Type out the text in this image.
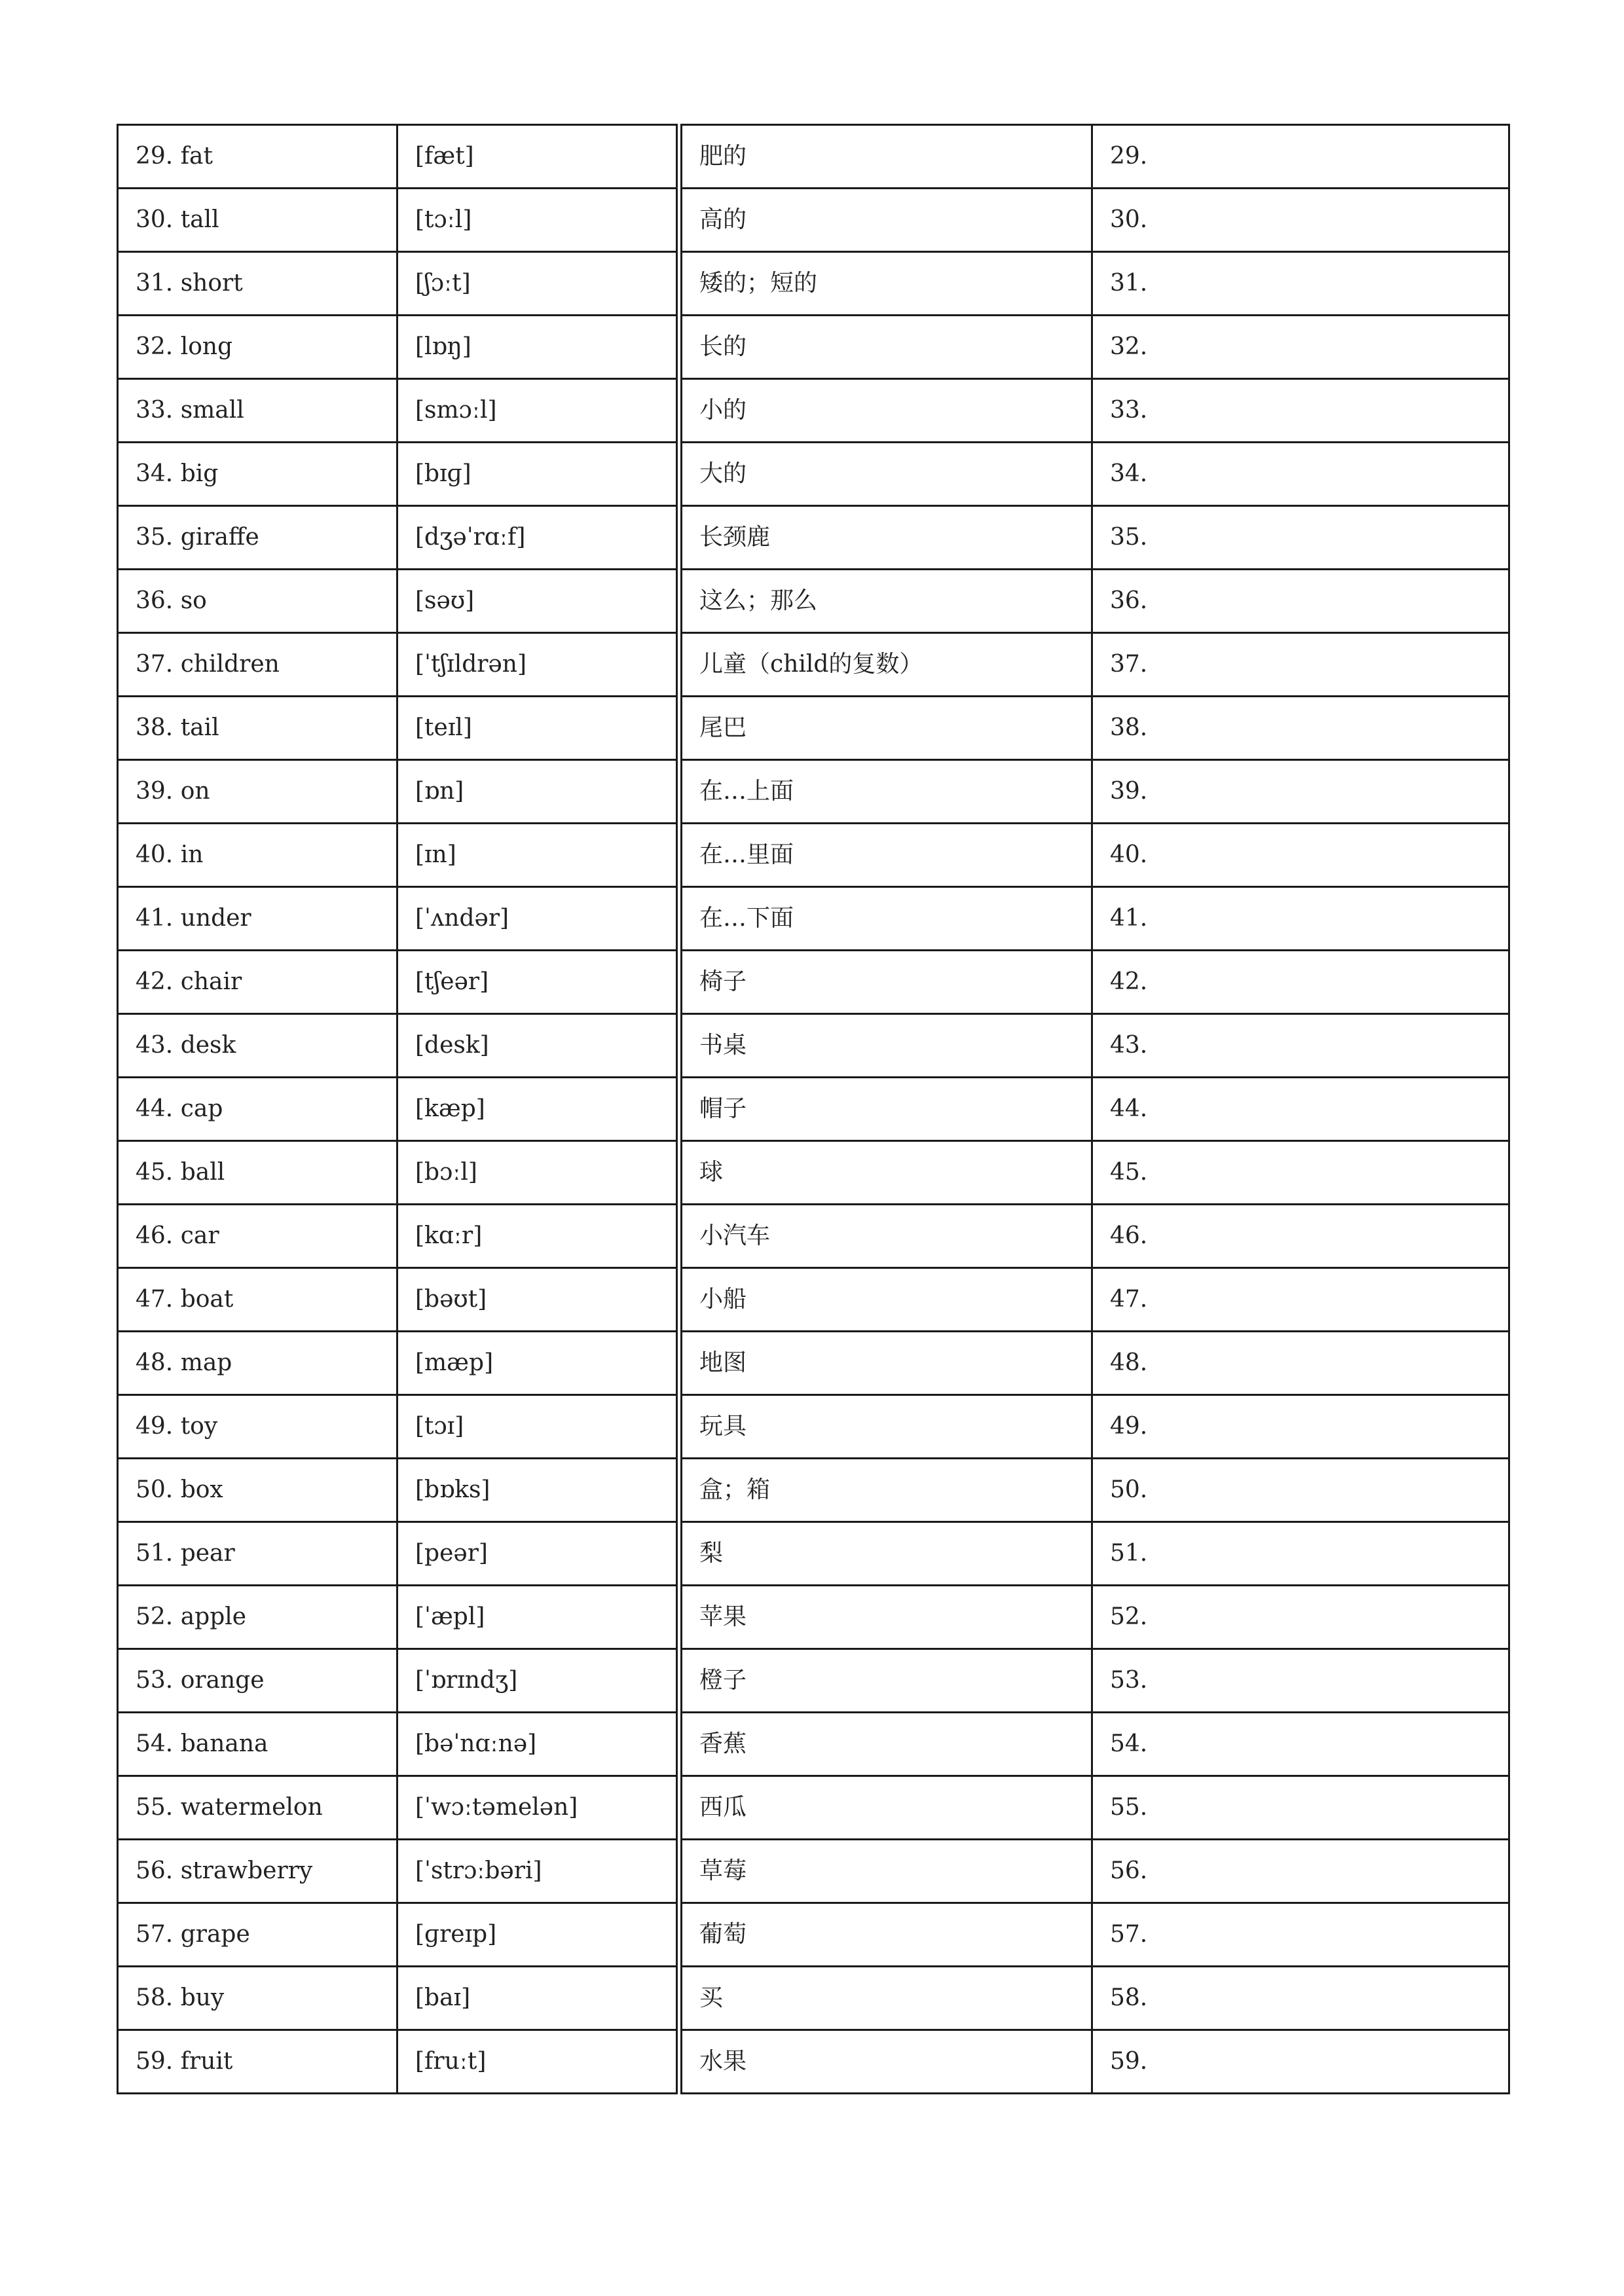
29. fat	[fæt]	肥的	29.
30. tall	[tɔːl]	高的	30.
31. short	[ʃɔːt]	矮的；短的	31.
32. long	[lɒŋ]	长的	32.
33. small	[smɔːl]	小的	33.
34. big	[bɪɡ]	大的	34.
35. giraffe	[dʒəˈrɑːf]	长颈鹿	35.
36. so	[səʊ]	这么；那么	36.
37. children	[ˈtʃɪldrən]	儿童（child的复数）	37.
38. tail	[teɪl]	尾巴	38.
39. on	[ɒn]	在…上面	39.
40. in	[ɪn]	在…里面	40.
41. under	[ˈʌndər]	在…下面	41.
42. chair	[tʃeər]	椅子	42.
43. desk	[desk]	书桌	43.
44. cap	[kæp]	帽子	44.
45. ball	[bɔːl]	球	45.
46. car	[kɑːr]	小汽车	46.
47. boat	[bəʊt]	小船	47.
48. map	[mæp]	地图	48.
49. toy	[tɔɪ]	玩具	49.
50. box	[bɒks]	盒；箱	50.
51. pear	[peər]	梨	51.
52. apple	[ˈæpl]	苹果	52.
53. orange	[ˈɒrɪndʒ]	橙子	53.
54. banana	[bəˈnɑːnə]	香蕉	54.
55. watermelon	[ˈwɔːtəmelən]	西瓜	55.
56. strawberry	[ˈstrɔːbəri]	草莓	56.
57. grape	[ɡreɪp]	葡萄	57.
58. buy	[baɪ]	买	58.
59. fruit	[fruːt]	水果	59.
